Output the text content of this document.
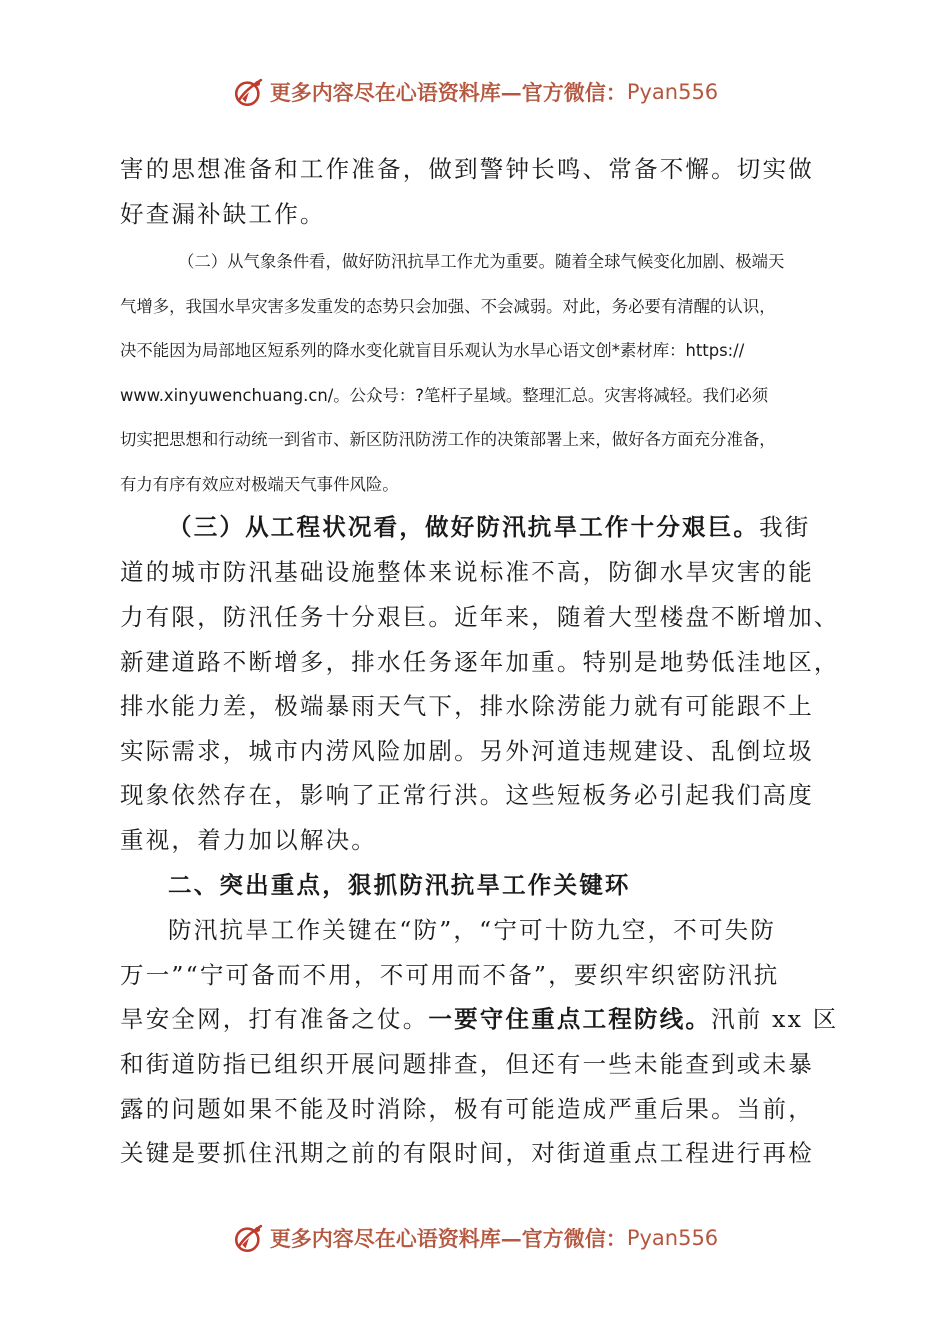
更多内容尽在心语资料库—官方微信： Pyan556
害的思想准备和工作准备，做到警钟长鸣、常备不懈。切实做
好查漏补缺工作。
（二）从气象条件看，做好防汛抗旱工作尤为重要。随着全球气候变化加剧、极端天
气增多，我国水旱灾害多发重发的态势只会加强、不会减弱。对此，务必要有清醒的认识，
决不能因为局部地区短系列的降水变化就盲目乐观认为水旱心语文创*素材库：https://
www.xinyuwenchuang.cn/。公众号：?笔杆子星域。整理汇总。灾害将减轻。我们必须
切实把思想和行动统一到省市、新区防汛防涝工作的决策部署上来，做好各方面充分准备，
有力有序有效应对极端天气事件风险。
（三）从工程状况看，做好防汛抗旱工作十分艰巨。我街
道的城市防汛基础设施整体来说标准不高，防御水旱灾害的能
力有限，防汛任务十分艰巨。近年来，随着大型楼盘不断增加、
新建道路不断增多，排水任务逐年加重。特别是地势低洼地区，
排水能力差，极端暴雨天气下，排水除涝能力就有可能跟不上
实际需求，城市内涝风险加剧。另外河道违规建设、乱倒垃圾
现象依然存在，影响了正常行洪。这些短板务必引起我们高度
重视，着力加以解决。
二、突出重点，狠抓防汛抗旱工作关键环
防汛抗旱工作关键在“防”，“宁可十防九空，不可失防
万一”“宁可备而不用，不可用而不备”，要织牢织密防汛抗
旱安全网，打有准备之仗。一要守住重点工程防线。汛前 xx 区
和街道防指已组织开展问题排查，但还有一些未能查到或未暴
露的问题如果不能及时消除，极有可能造成严重后果。当前，
关键是要抓住汛期之前的有限时间，对街道重点工程进行再检
更多内容尽在心语资料库—官方微信： Pyan556
